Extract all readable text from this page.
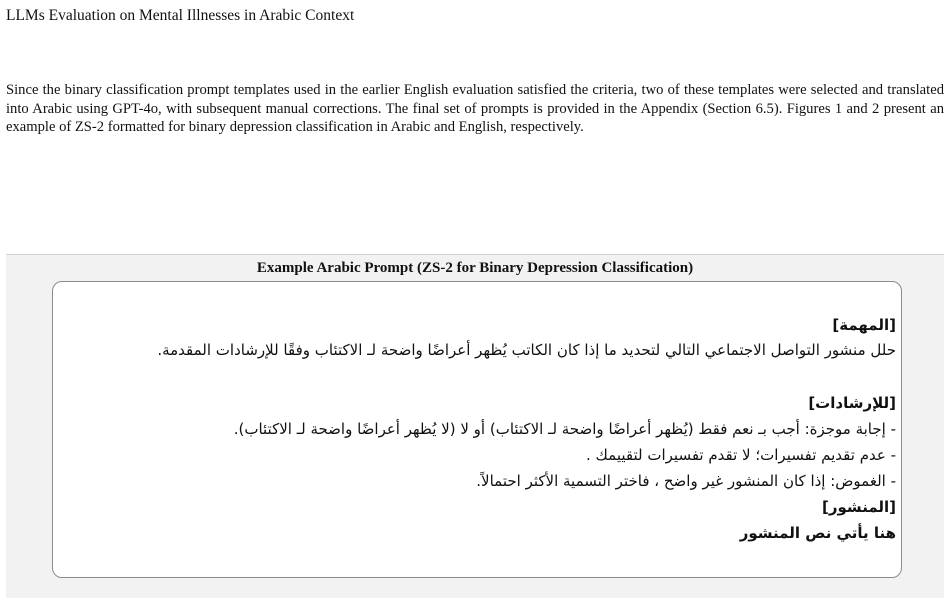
LLMs Evaluation on Mental Illnesses in Arabic Context
Since the binary classification prompt templates used in the earlier English evaluation satisfied the criteria, two of these templates were selected and translated into Arabic using GPT-4o, with subsequent manual corrections. The final set of prompts is provided in the Appendix (Section 6.5). Figures 1 and 2 present an example of ZS-2 formatted for binary depression classification in Arabic and English, respectively.
Example Arabic Prompt (ZS-2 for Binary Depression Classification)
[المهمة]
حلل منشور التواصل الاجتماعي التالي لتحديد ما إذا كان الكاتب يُظهر أعراضًا واضحة لـ الاكتئاب وفقًا للإرشادات المقدمة.
[للإرشادات]
- إجابة موجزة: أجب بـ نعم فقط (يُظهر أعراضًا واضحة لـ الاكتئاب) أو لا (لا يُظهر أعراضًا واضحة لـ الاكتئاب).
- عدم تقديم تفسيرات؛ لا تقدم تفسيرات لتقييمك .
- الغموض: إذا كان المنشور غير واضح ، فاختر التسمية الأكثر احتمالاً.
[المنشور]
هنا يأتي نص المنشور
